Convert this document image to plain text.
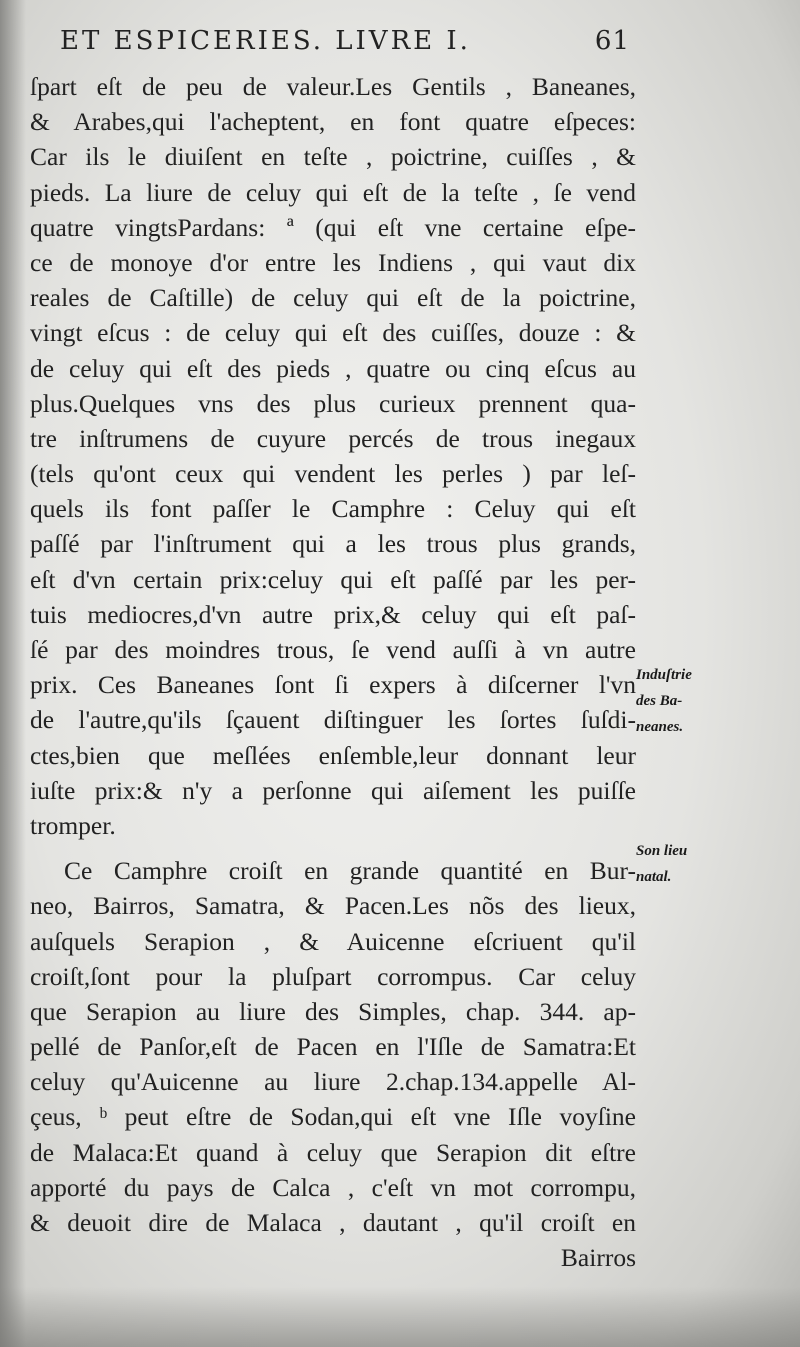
ET ESPICERIES. LIVRE I.	61
ſpart eſt de peu de valeur.Les Gentils , Baneanes,
& Arabes,qui l'acheptent, en font quatre eſpeces:
Car ils le diuiſent en teſte , poictrine, cuiſſes , &
pieds. La liure de celuy qui eſt de la teſte , ſe vend
quatre vingtsPardans: ª (qui eſt vne certaine eſpe-
ce de monoye d'or entre les Indiens , qui vaut dix
reales de Caſtille) de celuy qui eſt de la poictrine,
vingt eſcus : de celuy qui eſt des cuiſſes, douze : &
de celuy qui eſt des pieds , quatre ou cinq eſcus au
plus.Quelques vns des plus curieux prennent qua-
tre inſtrumens de cuyure percés de trous inegaux
(tels qu'ont ceux qui vendent les perles ) par leſ-
quels ils font paſſer le Camphre : Celuy qui eſt
paſſé par l'inſtrument qui a les trous plus grands,
eſt d'vn certain prix:celuy qui eſt paſſé par les per-
tuis mediocres,d'vn autre prix,& celuy qui eſt paſ-
ſé par des moindres trous, ſe vend auſſi à vn autre
prix. Ces Baneanes ſont ſi expers à diſcerner l'vn
de l'autre,qu'ils ſçauent diſtinguer les ſortes ſuſdi-
ctes,bien que meſlées enſemble,leur donnant leur
iuſte prix:& n'y a perſonne qui aiſement les puiſſe
tromper.
Ce Camphre croiſt en grande quantité en Bur-
neo, Bairros, Samatra, & Pacen.Les nõs des lieux,
auſquels Serapion , & Auicenne eſcriuent qu'il
croiſt,ſont pour la pluſpart corrompus. Car celuy
que Serapion au liure des Simples, chap. 344. ap-
pellé de Panſor,eſt de Pacen en l'Iſle de Samatra:Et
celuy qu'Auicenne au liure 2.chap.134.appelle Al-
çeus, ᵇ peut eſtre de Sodan,qui eſt vne Iſle voyſine
de Malaca:Et quand à celuy que Serapion dit eſtre
apporté du pays de Calca , c'eſt vn mot corrompu,
& deuoit dire de Malaca , dautant , qu'il croiſt en
Bairros
Induſtrie
des Ba-
neanes.
Son lieu
natal.
